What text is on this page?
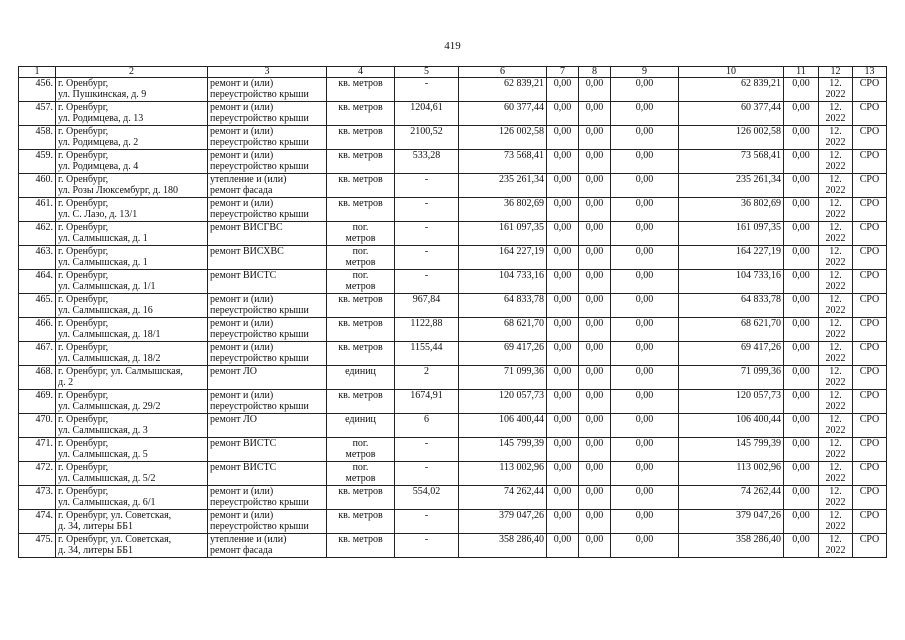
419
1	2	3	4	5	6	7	8	9	10	11	12	13
456.	г. Оренбург,
ул. Пушкинская, д. 9	ремонт и (или)
переустройство крыши	кв. метров	-	62 839,21	0,00	0,00	0,00	62 839,21	0,00	12.
2022	СРО
457.	г. Оренбург,
ул. Родимцева, д. 13	ремонт и (или)
переустройство крыши	кв. метров	1204,61	60 377,44	0,00	0,00	0,00	60 377,44	0,00	12.
2022	СРО
458.	г. Оренбург,
ул. Родимцева, д. 2	ремонт и (или)
переустройство крыши	кв. метров	2100,52	126 002,58	0,00	0,00	0,00	126 002,58	0,00	12.
2022	СРО
459.	г. Оренбург,
ул. Родимцева, д. 4	ремонт и (или)
переустройство крыши	кв. метров	533,28	73 568,41	0,00	0,00	0,00	73 568,41	0,00	12.
2022	СРО
460.	г. Оренбург,
ул. Розы Люксембург, д. 180	утепление и (или)
ремонт фасада	кв. метров	-	235 261,34	0,00	0,00	0,00	235 261,34	0,00	12.
2022	СРО
461.	г. Оренбург,
ул. С. Лазо, д. 13/1	ремонт и (или)
переустройство крыши	кв. метров	-	36 802,69	0,00	0,00	0,00	36 802,69	0,00	12.
2022	СРО
462.	г. Оренбург,
ул. Салмышская, д. 1	ремонт ВИСГВС	пог.
метров	-	161 097,35	0,00	0,00	0,00	161 097,35	0,00	12.
2022	СРО
463.	г. Оренбург,
ул. Салмышская, д. 1	ремонт ВИСХВС	пог.
метров	-	164 227,19	0,00	0,00	0,00	164 227,19	0,00	12.
2022	СРО
464.	г. Оренбург,
ул. Салмышская, д. 1/1	ремонт ВИСТС	пог.
метров	-	104 733,16	0,00	0,00	0,00	104 733,16	0,00	12.
2022	СРО
465.	г. Оренбург,
ул. Салмышская, д. 16	ремонт и (или)
переустройство крыши	кв. метров	967,84	64 833,78	0,00	0,00	0,00	64 833,78	0,00	12.
2022	СРО
466.	г. Оренбург,
ул. Салмышская, д. 18/1	ремонт и (или)
переустройство крыши	кв. метров	1122,88	68 621,70	0,00	0,00	0,00	68 621,70	0,00	12.
2022	СРО
467.	г. Оренбург,
ул. Салмышская, д. 18/2	ремонт и (или)
переустройство крыши	кв. метров	1155,44	69 417,26	0,00	0,00	0,00	69 417,26	0,00	12.
2022	СРО
468.	г. Оренбург, ул. Салмышская,
д. 2	ремонт ЛО	единиц	2	71 099,36	0,00	0,00	0,00	71 099,36	0,00	12.
2022	СРО
469.	г. Оренбург,
ул. Салмышская, д. 29/2	ремонт и (или)
переустройство крыши	кв. метров	1674,91	120 057,73	0,00	0,00	0,00	120 057,73	0,00	12.
2022	СРО
470.	г. Оренбург,
ул. Салмышская, д. 3	ремонт ЛО	единиц	6	106 400,44	0,00	0,00	0,00	106 400,44	0,00	12.
2022	СРО
471.	г. Оренбург,
ул. Салмышская, д. 5	ремонт ВИСТС	пог.
метров	-	145 799,39	0,00	0,00	0,00	145 799,39	0,00	12.
2022	СРО
472.	г. Оренбург,
ул. Салмышская, д. 5/2	ремонт ВИСТС	пог.
метров	-	113 002,96	0,00	0,00	0,00	113 002,96	0,00	12.
2022	СРО
473.	г. Оренбург,
ул. Салмышская, д. 6/1	ремонт и (или)
переустройство крыши	кв. метров	554,02	74 262,44	0,00	0,00	0,00	74 262,44	0,00	12.
2022	СРО
474.	г. Оренбург, ул. Советская,
д. 34, литеры ББ1	ремонт и (или)
переустройство крыши	кв. метров	-	379 047,26	0,00	0,00	0,00	379 047,26	0,00	12.
2022	СРО
475.	г. Оренбург, ул. Советская,
д. 34, литеры ББ1	утепление и (или)
ремонт фасада	кв. метров	-	358 286,40	0,00	0,00	0,00	358 286,40	0,00	12.
2022	СРО
